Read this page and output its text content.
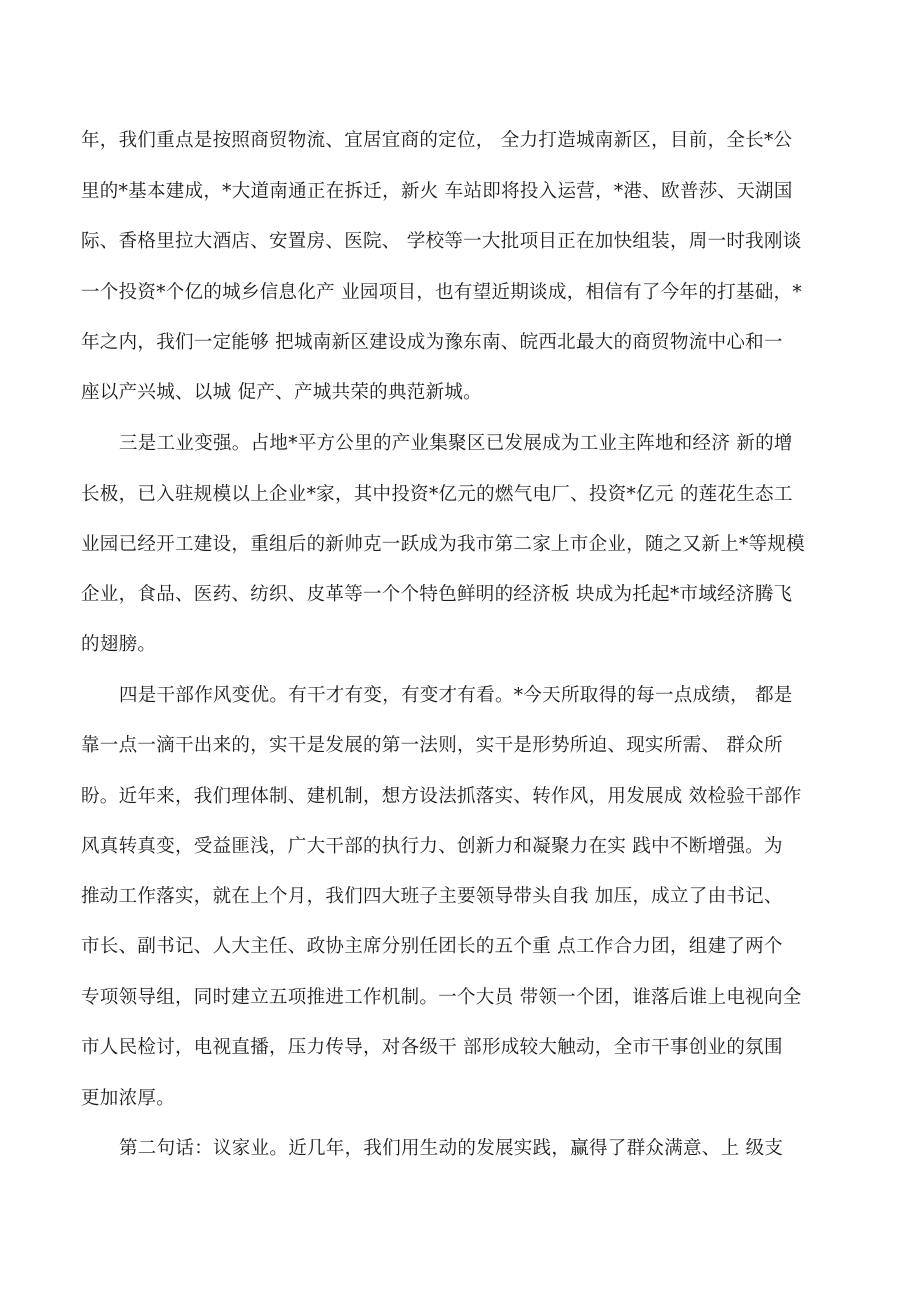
年，我们重点是按照商贸物流、宜居宜商的定位， 全力打造城南新区，目前，全长*公
里的*基本建成，*大道南通正在拆迁，新火 车站即将投入运营，*港、欧普莎、天湖国
际、香格里拉大酒店、安置房、医院、 学校等一大批项目正在加快组装，周一时我刚谈
一个投资*个亿的城乡信息化产 业园项目，也有望近期谈成，相信有了今年的打基础，*
年之内，我们一定能够 把城南新区建设成为豫东南、皖西北最大的商贸物流中心和一
座以产兴城、以城 促产、产城共荣的典范新城。
三是工业变强。占地*平方公里的产业集聚区已发展成为工业主阵地和经济 新的增
长极，已入驻规模以上企业*家，其中投资*亿元的燃气电厂、投资*亿元 的莲花生态工
业园已经开工建设，重组后的新帅克一跃成为我市第二家上市企业，随之又新上*等规模
企业，食品、医药、纺织、皮革等一个个特色鲜明的经济板 块成为托起*市域经济腾飞
的翅膀。
四是干部作风变优。有干才有变，有变才有看。*今天所取得的每一点成绩， 都是
靠一点一滴干出来的，实干是发展的第一法则，实干是形势所迫、现实所需、 群众所
盼。近年来，我们理体制、建机制，想方设法抓落实、转作风，用发展成 效检验干部作
风真转真变，受益匪浅，广大干部的执行力、创新力和凝聚力在实 践中不断增强。为
推动工作落实，就在上个月，我们四大班子主要领导带头自我 加压，成立了由书记、
市长、副书记、人大主任、政协主席分别任团长的五个重 点工作合力团，组建了两个
专项领导组，同时建立五项推进工作机制。一个大员 带领一个团，谁落后谁上电视向全
市人民检讨，电视直播，压力传导，对各级干 部形成较大触动，全市干事创业的氛围
更加浓厚。
第二句话：议家业。近几年，我们用生动的发展实践，赢得了群众满意、上 级支
